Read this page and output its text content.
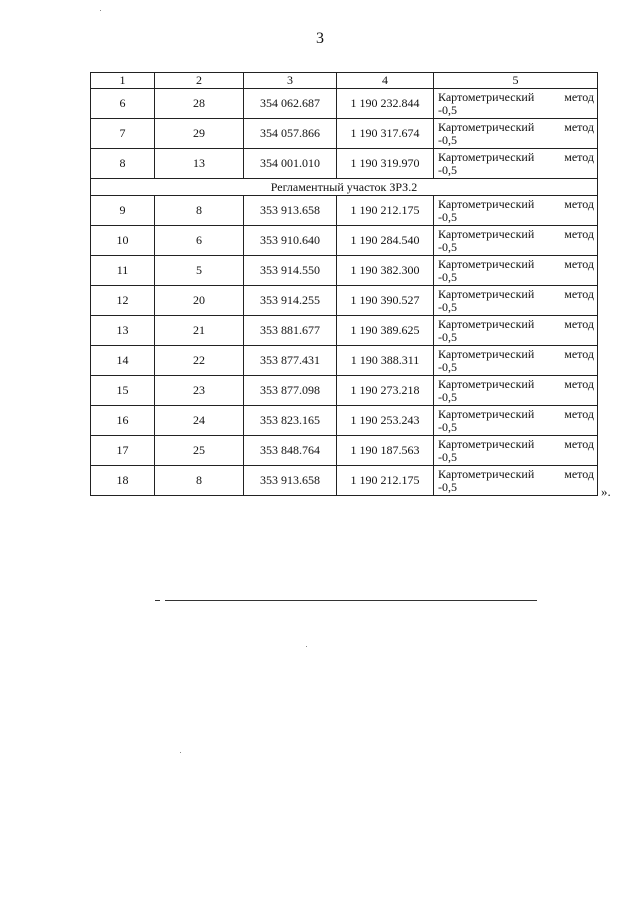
3
1	2	3	4	5
6	28	354 062.687	1 190 232.844	Картометрический метод
-0,5

7	29	354 057.866	1 190 317.674	Картометрический метод
-0,5

8	13	354 001.010	1 190 319.970	Картометрический метод
-0,5

Регламентный участок ЗРЗ.2				
9	8	353 913.658	1 190 212.175	Картометрический метод
-0,5

10	6	353 910.640	1 190 284.540	Картометрический метод
-0,5

11	5	353 914.550	1 190 382.300	Картометрический метод
-0,5

12	20	353 914.255	1 190 390.527	Картометрический метод
-0,5

13	21	353 881.677	1 190 389.625	Картометрический метод
-0,5

14	22	353 877.431	1 190 388.311	Картометрический метод
-0,5

15	23	353 877.098	1 190 273.218	Картометрический метод
-0,5

16	24	353 823.165	1 190 253.243	Картометрический метод
-0,5

17	25	353 848.764	1 190 187.563	Картометрический метод
-0,5

18	8	353 913.658	1 190 212.175	Картометрический метод
-0,5	».
